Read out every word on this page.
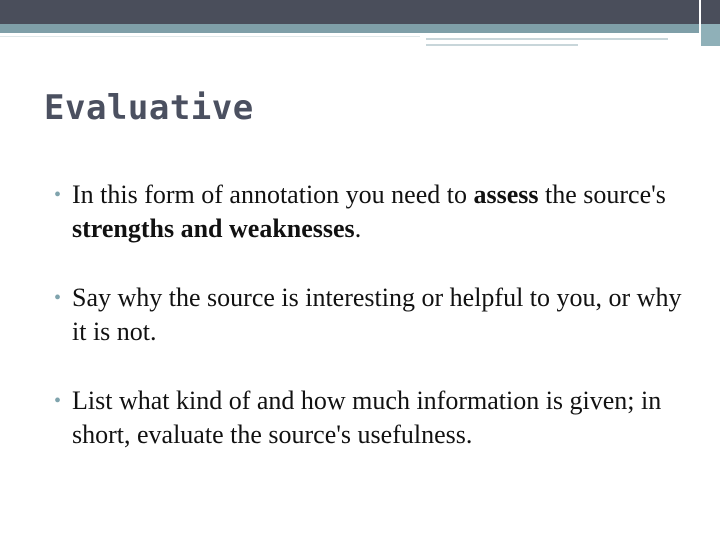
Evaluative
• In this form of annotation you need to assess the source's strengths and weaknesses.
• Say why the source is interesting or helpful to you, or why it is not.
• List what kind of and how much information is given; in short, evaluate the source's usefulness.
